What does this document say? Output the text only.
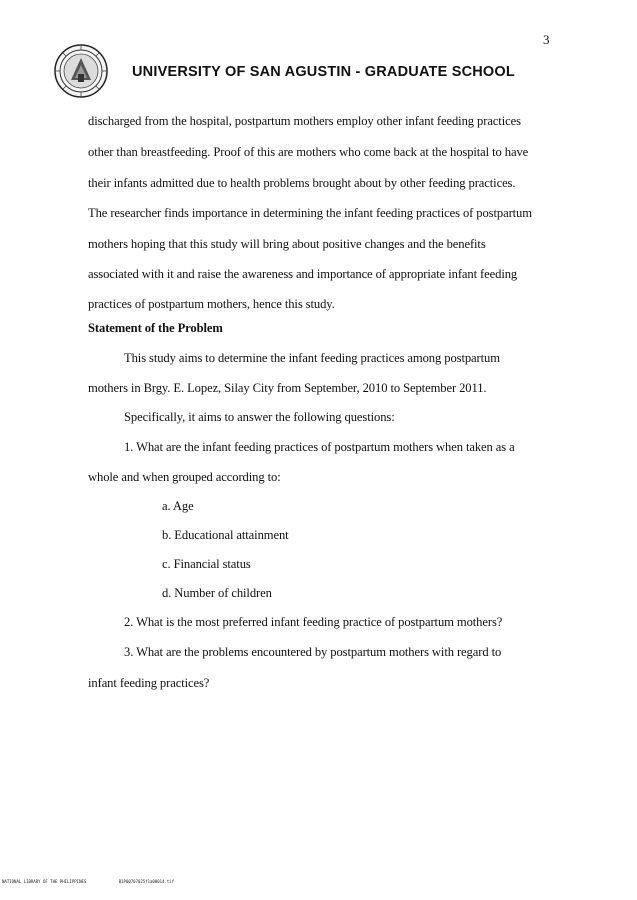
3
UNIVERSITY OF SAN AGUSTIN - GRADUATE SCHOOL
discharged from the hospital, postpartum mothers employ other infant feeding practices
other than breastfeeding. Proof of this are mothers who come back at the hospital to have
their infants admitted due to health problems brought about by other feeding practices.
The researcher finds importance in determining the infant feeding practices of postpartum
mothers hoping that this study will bring about positive changes and the benefits
associated with it and raise the awareness and importance of appropriate infant feeding
practices of postpartum mothers, hence this study.
Statement of the Problem
This study aims to determine the infant feeding practices among postpartum
mothers in Brgy. E. Lopez, Silay City from September, 2010 to September 2011.
Specifically, it aims to answer the following questions:
1. What are the infant feeding practices of postpartum mothers when taken as a
whole and when grouped according to:
a. Age
b. Educational attainment
c. Financial status
d. Number of children
2. What is the most preferred infant feeding practice of postpartum mothers?
3. What are the problems encountered by postpartum mothers with regard to
infant feeding practices?
NATIONAL LIBRARY OF THE PHILIPPINES	B1P00707025f1a00014.tif
